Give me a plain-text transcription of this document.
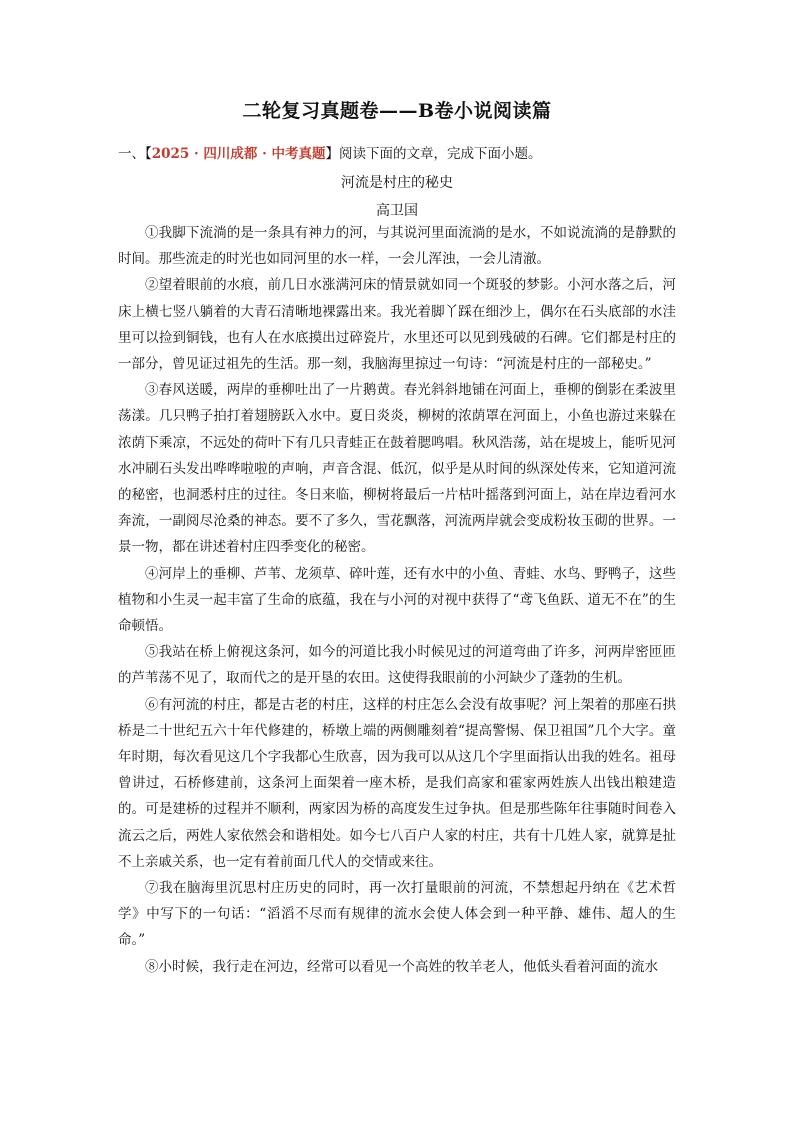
二轮复习真题卷——B卷小说阅读篇
一、【2025 · 四川成都 · 中考真题】阅读下面的文章，完成下面小题。
河流是村庄的秘史
高卫国

①我脚下流淌的是一条具有神力的河，与其说河里面流淌的是水，不如说流淌的是静默的时间。那些流走的时光也如同河里的水一样，一会儿浑浊，一会儿清澈。

②望着眼前的水痕，前几日水涨满河床的情景就如同一个斑驳的梦影。小河水落之后，河床上横七竖八躺着的大青石清晰地裸露出来。我光着脚丫踩在细沙上，偶尔在石头底部的水洼里可以捡到铜钱，也有人在水底摸出过碎瓷片，水里还可以见到残破的石碑。它们都是村庄的一部分，曾见证过祖先的生活。那一刻，我脑海里掠过一句诗：“河流是村庄的一部秘史。”

③春风送暖，两岸的垂柳吐出了一片鹅黄。春光斜斜地铺在河面上，垂柳的倒影在柔波里荡漾。几只鸭子拍打着翅膀跃入水中。夏日炎炎，柳树的浓荫罩在河面上，小鱼也游过来躲在浓荫下乘凉，不远处的荷叶下有几只青蛙正在鼓着腮鸣唱。秋风浩荡，站在堤坡上，能听见河水冲刷石头发出哗哗啦啦的声响，声音含混、低沉，似乎是从时间的纵深处传来，它知道河流的秘密，也洞悉村庄的过往。冬日来临，柳树将最后一片枯叶摇落到河面上，站在岸边看河水奔流，一副阅尽沧桑的神态。要不了多久，雪花飘落，河流两岸就会变成粉妆玉砌的世界。一景一物，都在讲述着村庄四季变化的秘密。

④河岸上的垂柳、芦苇、龙须草、碎叶莲，还有水中的小鱼、青蛙、水鸟、野鸭子，这些植物和小生灵一起丰富了生命的底蕴，我在与小河的对视中获得了“鸢飞鱼跃、道无不在”的生命顿悟。

⑤我站在桥上俯视这条河，如今的河道比我小时候见过的河道弯曲了许多，河两岸密匝匝的芦苇荡不见了，取而代之的是开垦的农田。这使得我眼前的小河缺少了蓬勃的生机。

⑥有河流的村庄，都是古老的村庄，这样的村庄怎么会没有故事呢？河上架着的那座石拱桥是二十世纪五六十年代修建的，桥墩上端的两侧雕刻着“提高警惕、保卫祖国”几个大字。童年时期，每次看见这几个字我都心生欣喜，因为我可以从这几个字里面指认出我的姓名。祖母曾讲过，石桥修建前，这条河上面架着一座木桥，是我们高家和霍家两姓族人出钱出粮建造的。可是建桥的过程并不顺利，两家因为桥的高度发生过争执。但是那些陈年往事随时间卷入流云之后，两姓人家依然会和谐相处。如今七八百户人家的村庄，共有十几姓人家，就算是扯不上亲戚关系，也一定有着前面几代人的交情或来往。

⑦我在脑海里沉思村庄历史的同时，再一次打量眼前的河流，不禁想起丹纳在《艺术哲学》中写下的一句话：“滔滔不尽而有规律的流水会使人体会到一种平静、雄伟、超人的生命。”

⑧小时候，我行走在河边，经常可以看见一个高姓的牧羊老人，他低头看着河面的流水
